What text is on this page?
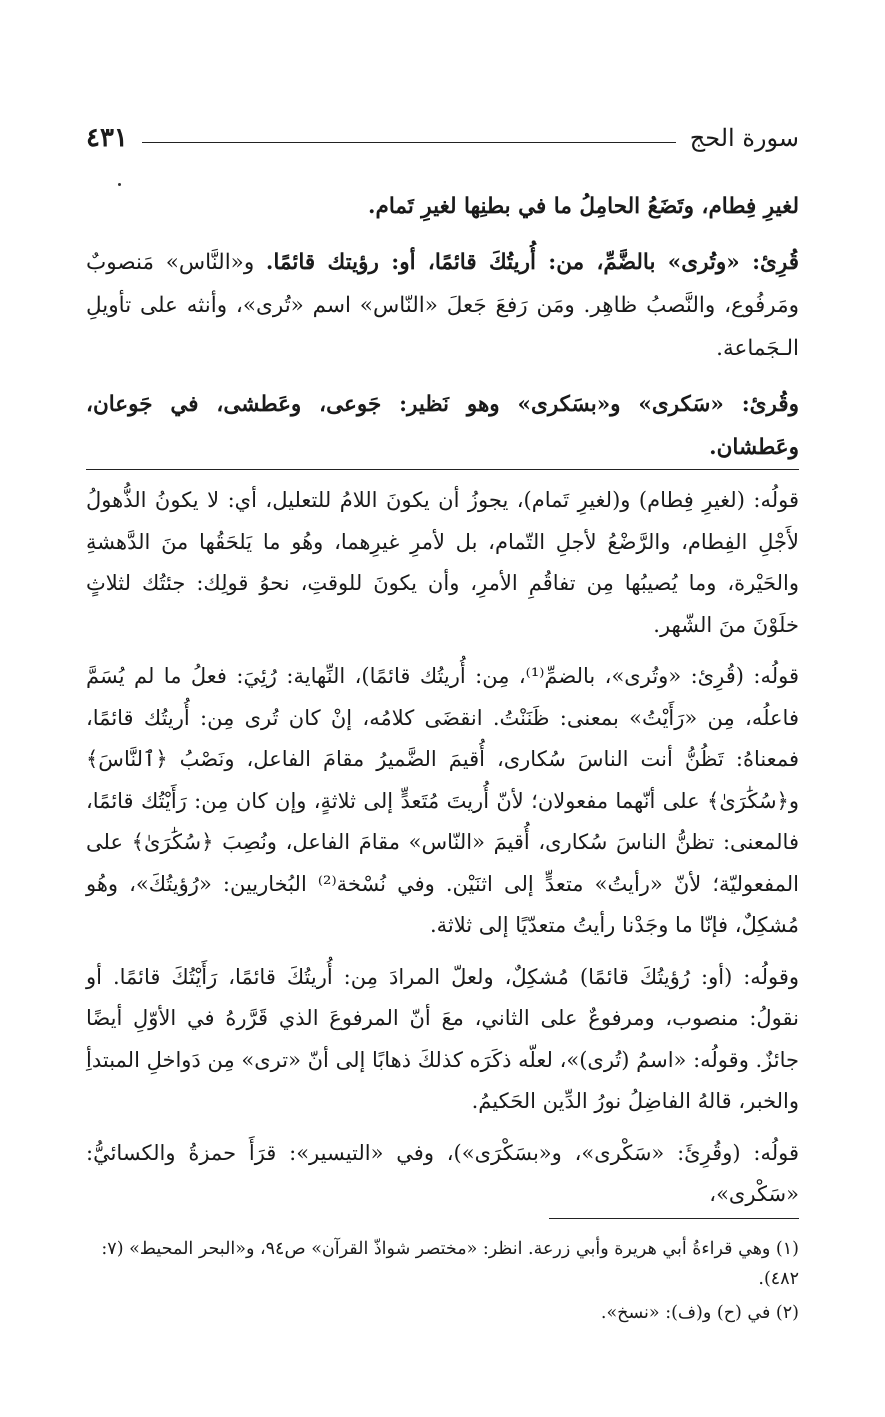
سورة الحج
٤٣١

لغيرِ فِطام، وتَضَعُ الحامِلُ ما في بطنِها لغيرِ تَمام.

قُرِئ: «وتُرى» بالضَّمِّ، من: أُريتُكَ قائمًا، أو: رؤيتك قائمًا. و«النَّاس» مَنصوبٌ ومَرفُوع، والنَّصبُ ظاهِر. ومَن رَفعَ جَعلَ «النّاس» اسم «تُرى»، وأنثه على تأويلِ الـجَماعة.

وقُرئ: «سَكرى» و«بسَكرى» وهو نَظير: جَوعى، وعَطشى، في جَوعان، وعَطشان.

قولُه: (لغيرِ فِطام) و(لغيرِ تَمام)، يجوزُ أن يكونَ اللامُ للتعليل، أي: لا يكونُ الذُّهولُ لأَجْلِ الفِطام، والرَّضْعُ لأجلِ التّمام، بل لأمرِ غيرِهما، وهُو ما يَلحَقُها منَ الدَّهشةِ والحَيْرة، وما يُصيبُها مِن تفاقُمِ الأمرِ، وأن يكونَ للوقتِ، نحوُ قولِك: جئتُك لثلاثٍ خلَوْنَ منَ الشّهر.

قولُه: (قُرِئ: «وتُرى»، بالضمِّ⁽¹⁾، مِن: أُريتُك قائمًا)، النِّهاية: رُئِيَ: فعلُ ما لم يُسَمَّ فاعلُه، مِن «رَأَيْتُ» بمعنى: ظَنَنْتُ. انقضَى كلامُه، إنْ كان تُرى مِن: أُريتُك قائمًا، فمعناهُ: تَظُنُّ أنت الناسَ سُكارى، أُقيمَ الضَّميرُ مقامَ الفاعل، ونَصْبُ ﴿ٱلنَّاسَ﴾ و﴿سُكَٰرَىٰ﴾ على أنّهما مفعولان؛ لأنّ أُريتَ مُتَعدٍّ إلى ثلاثةٍ، وإن كان مِن: رَأَيْتُك قائمًا، فالمعنى: تظنُّ الناسَ سُكارى، أُقيمَ «النّاس» مقامَ الفاعل، ونُصِبَ ﴿سُكَٰرَىٰ﴾ على المفعوليّة؛ لأنّ «رأيتُ» متعدٍّ إلى اثنَيْن. وفي نُسْخة⁽²⁾ البُخاريين: «رُؤيتُكَ»، وهُو مُشكِلٌ، فإنّا ما وجَدْنا رأيتُ متعدّيًا إلى ثلاثة.

وقولُه: (أو: رُؤيتُكَ قائمًا) مُشكِلٌ، ولعلّ المرادَ مِن: أُريتُكَ قائمًا، رَأَيْتُكَ قائمًا. أو نقولُ: منصوب، ومرفوعٌ على الثاني، معَ أنّ المرفوعَ الذي قَرَّرهُ في الأوّلِ أيضًا جائزٌ. وقولُه: «اسمُ (تُرى)»، لعلّه ذكَرَه كذلكَ ذهابًا إلى أنّ «ترى» مِن دَواخلِ المبتدأِ والخبر، قالهُ الفاضِلُ نورُ الدِّين الحَكيمُ.

قولُه: (وقُرِئَ: «سَكْرى»، و«بسَكْرَى»)، وفي «التيسير»: قرَأَ حمزةُ والكسائيُّ: «سَكْرى»،

(١) وهي قراءةُ أبي هريرة وأبي زرعة. انظر: «مختصر شواذّ القرآن» ص٩٤، و«البحر المحيط» (٧: ٤٨٢).

(٢) في (ح) و(ف): «نسخ».
